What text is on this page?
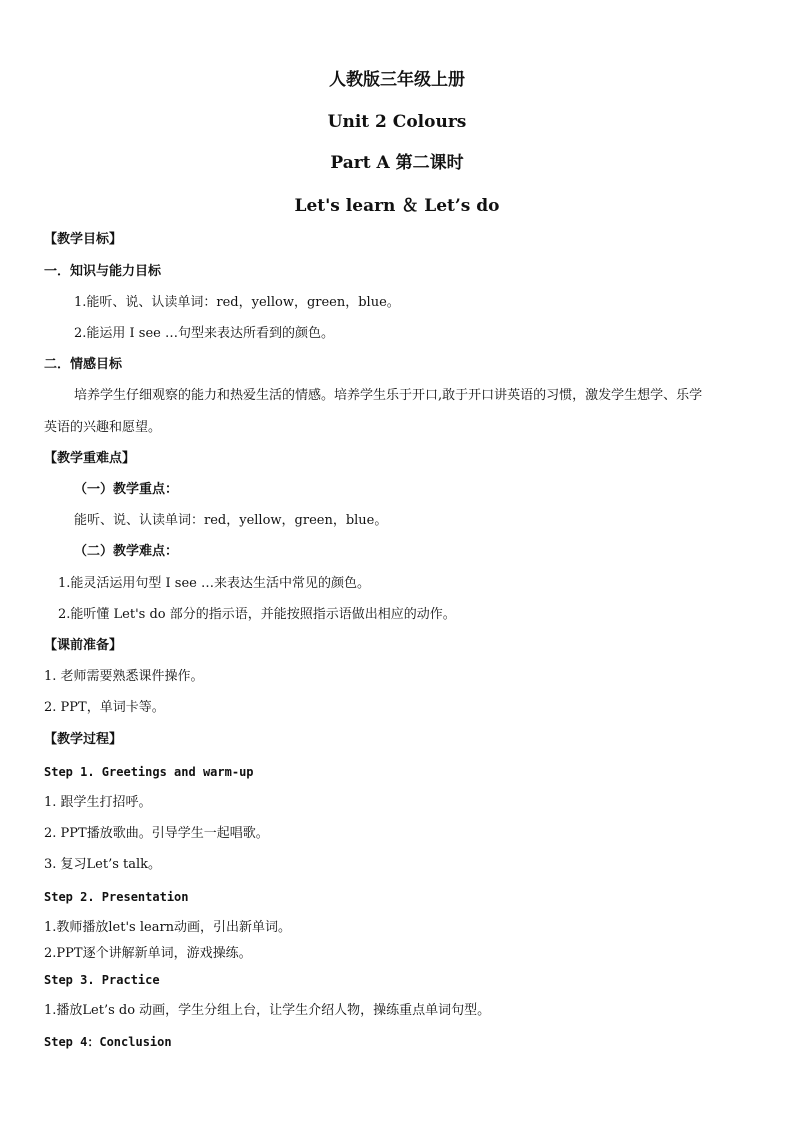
人教版三年级上册
Unit 2 Colours
Part A 第二课时
Let's learn ＆ Let’s do
【教学目标】
一．知识与能力目标
1.能听、说、认读单词：red，yellow，green，blue。
2.能运用 I see …句型来表达所看到的颜色。
二．情感目标
培养学生仔细观察的能力和热爱生活的情感。培养学生乐于开口,敢于开口讲英语的习惯，激发学生想学、乐学
英语的兴趣和愿望。
【教学重难点】
（一）教学重点：
能听、说、认读单词：red，yellow，green，blue。
（二）教学难点：
1.能灵活运用句型 I see …来表达生活中常见的颜色。
2.能听懂 Let's do 部分的指示语，并能按照指示语做出相应的动作。
【课前准备】
1. 老师需要熟悉课件操作。
2. PPT，单词卡等。
【教学过程】
Step 1. Greetings and warm-up
1. 跟学生打招呼。
2. PPT播放歌曲。引导学生一起唱歌。
3. 复习Let’s talk。
Step 2. Presentation
1.教师播放let's learn动画，引出新单词。
2.PPT逐个讲解新单词，游戏操练。
Step 3. Practice
1.播放Let’s do 动画，学生分组上台，让学生介绍人物，操练重点单词句型。
Step 4：Conclusion
